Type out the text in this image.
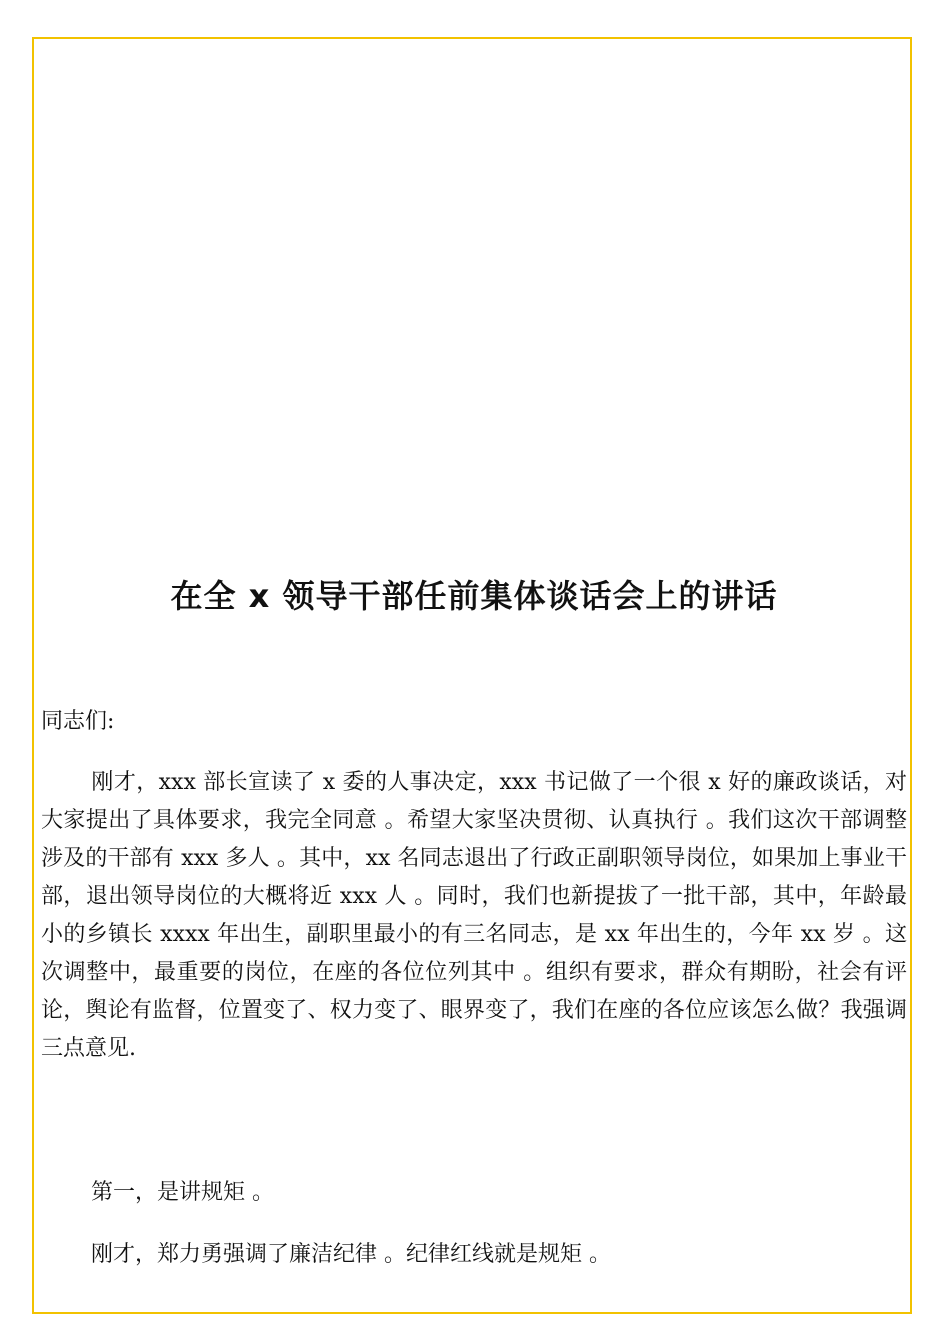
在全 x 领导干部任前集体谈话会上的讲话

同志们:

刚才，xxx 部长宣读了 x 委的人事决定，xxx 书记做了一个很 x 好的廉政谈话，对大家提出了具体要求，我完全同意 。希望大家坚决贯彻、认真执行 。我们这次干部调整涉及的干部有 xxx 多人 。其中，xx 名同志退出了行政正副职领导岗位，如果加上事业干部，退出领导岗位的大概将近 xxx 人 。同时，我们也新提拔了一批干部，其中，年龄最小的乡镇长 xxxx 年出生，副职里最小的有三名同志，是 xx 年出生的，今年 xx 岁 。这次调整中，最重要的岗位，在座的各位位列其中 。组织有要求，群众有期盼，社会有评论，舆论有监督，位置变了、权力变了、眼界变了，我们在座的各位应该怎么做？我强调三点意见.

第一，是讲规矩 。

刚才，郑力勇强调了廉洁纪律 。纪律红线就是规矩 。
